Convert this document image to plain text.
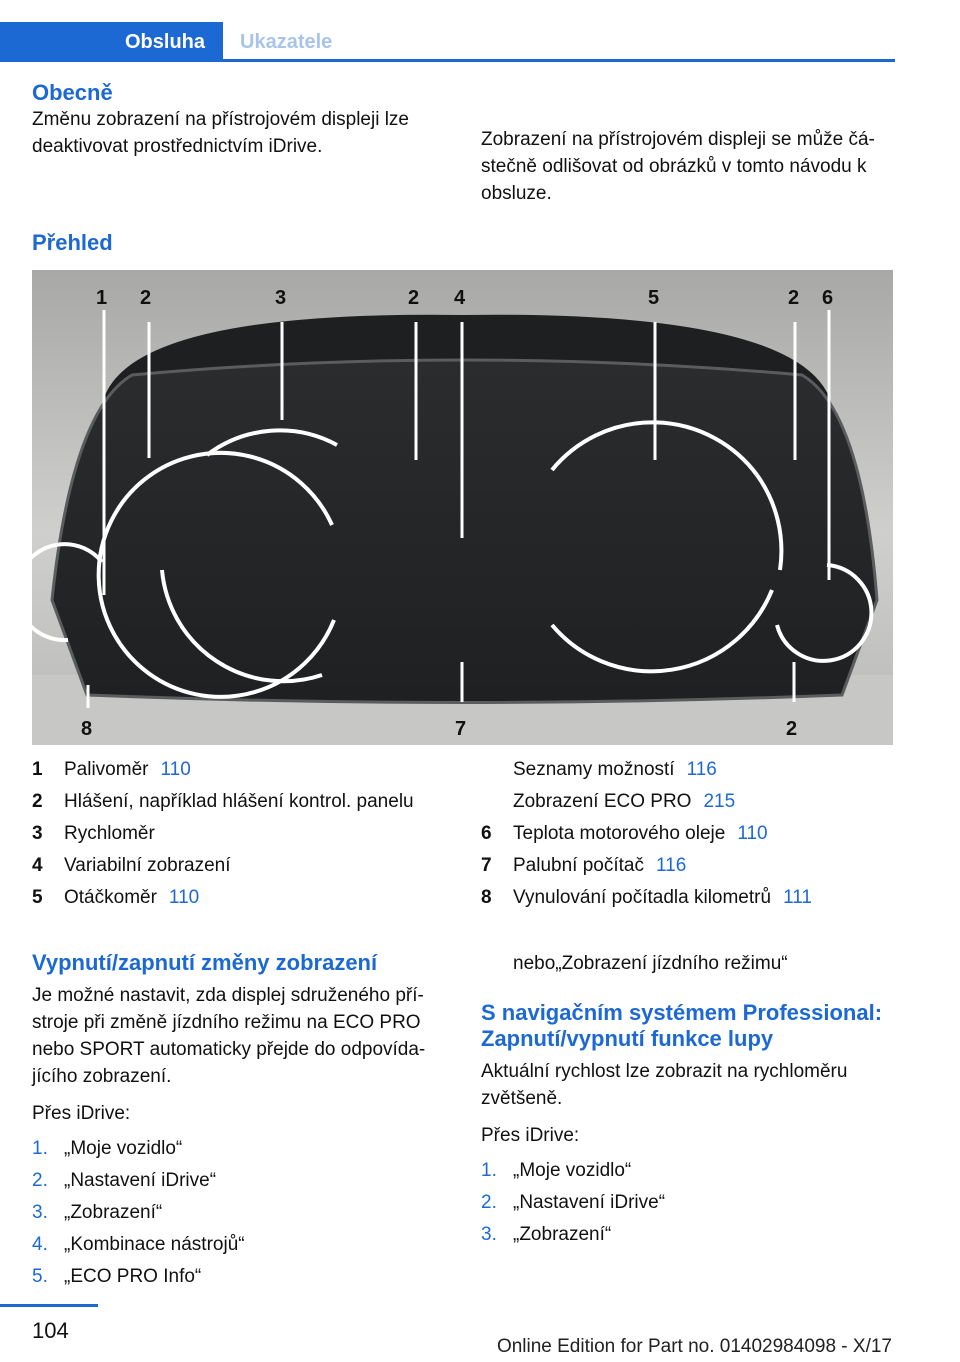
Obsluha	Ukazatele
Obecně
Změnu zobrazení na přístrojovém displeji lze deaktivovat prostřednictvím iDrive.	Zobrazení na přístrojovém displeji se může čá-stečně odlišovat od obrázků v tomto návodu k obsluze.
Přehled
1 2	3	2 4	5	2 6
8	7	2
1 Palivoměr 110
2 Hlášení, například hlášení kontrol. panelu
3 Rychloměr
4 Variabilní zobrazení
5 Otáčkoměr 110
Seznamy možností 116
Zobrazení ECO PRO 215
6 Teplota motorového oleje 110
7 Palubní počítač 116
8 Vynulování počítadla kilometrů 111
Vypnutí/zapnutí změny zobrazení
Je možné nastavit, zda displej sdruženého pří-stroje při změně jízdního režimu na ECO PRO nebo SPORT automaticky přejde do odpovída-jícího zobrazení.
Přes iDrive:
1. „Moje vozidlo“
2. „Nastavení iDrive“
3. „Zobrazení“
4. „Kombinace nástrojů“
5. „ECO PRO Info“
nebo„Zobrazení jízdního režimu“
S navigačním systémem Professional: Zapnutí/vypnutí funkce lupy
Aktuální rychlost lze zobrazit na rychloměru zvětšeně.
Přes iDrive:
1. „Moje vozidlo“
2. „Nastavení iDrive“
3. „Zobrazení“
104
Online Edition for Part no. 01402984098 - X/17
